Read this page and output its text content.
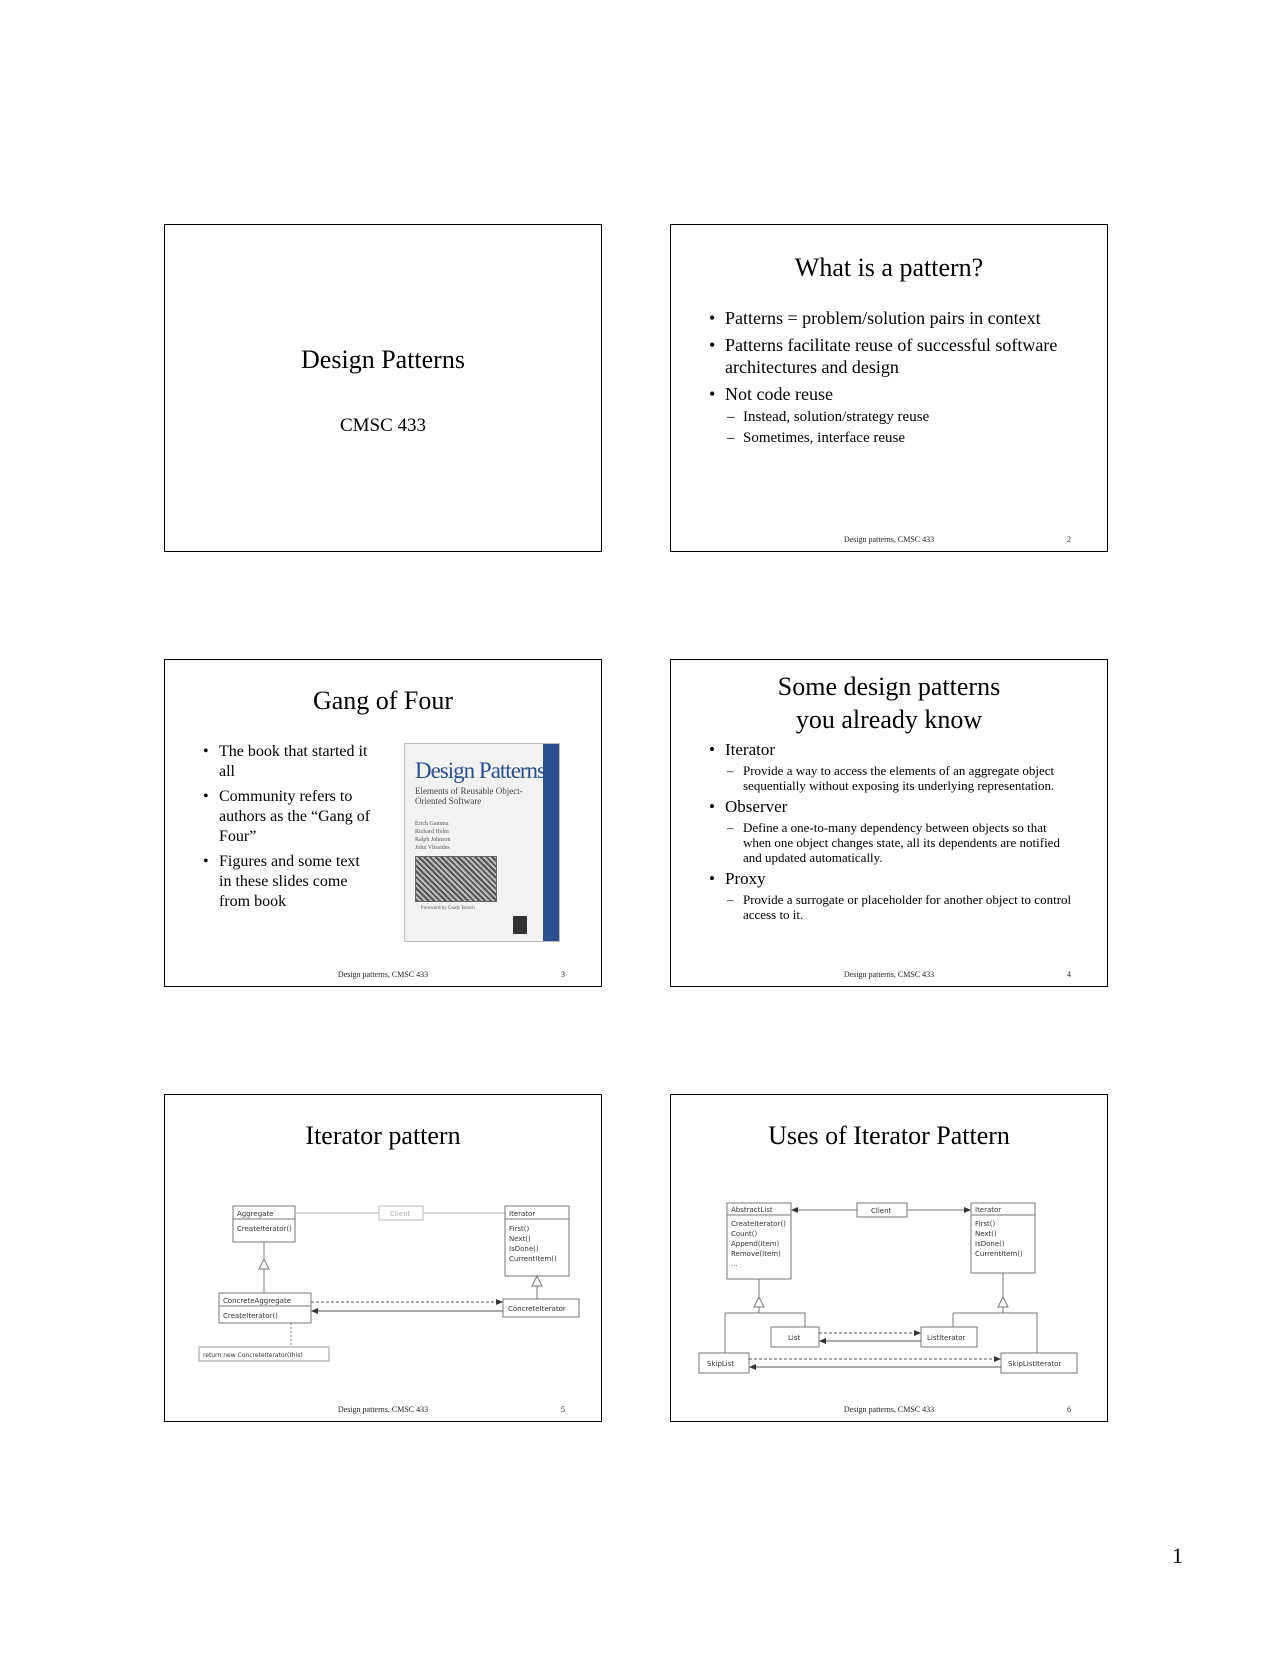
Design Patterns
CMSC 433
What is a pattern?
• Patterns = problem/solution pairs in context
• Patterns facilitate reuse of successful software architectures and design
• Not code reuse
– Instead, solution/strategy reuse
– Sometimes, interface reuse
Design patterns, CMSC 433	2
Gang of Four
• The book that started it all
• Community refers to authors as the “Gang of Four”
• Figures and some text in these slides come from book
Design Patterns
Elements of Reusable Object-Oriented Software
Erich Gamma
Richard Helm
Ralph Johnson
John Vlissides
Foreword by Grady Booch
Design patterns, CMSC 433	3
Some design patterns
you already know
• Iterator
– Provide a way to access the elements of an aggregate object sequentially without exposing its underlying representation.
• Observer
– Define a one-to-many dependency between objects so that when one object changes state, all its dependents are notified and updated automatically.
• Proxy
– Provide a surrogate or placeholder for another object to control access to it.
Design patterns, CMSC 433	4
Iterator pattern
Aggregate
CreateIterator()
Client	Iterator
First()
Next()
IsDone()
CurrentItem()
ConcreteAggregate
CreateIterator()
ConcreteIterator
return new ConcreteIterator(this)
Design patterns, CMSC 433	5
Uses of Iterator Pattern
AbstractList
CreateIterator()
Count()
Append(Item)
Remove(Item)
...
Client	Iterator
First()
Next()
IsDone()
CurrentItem()
List	ListIterator
SkipList	SkipListIterator
Design patterns, CMSC 433	6
1
